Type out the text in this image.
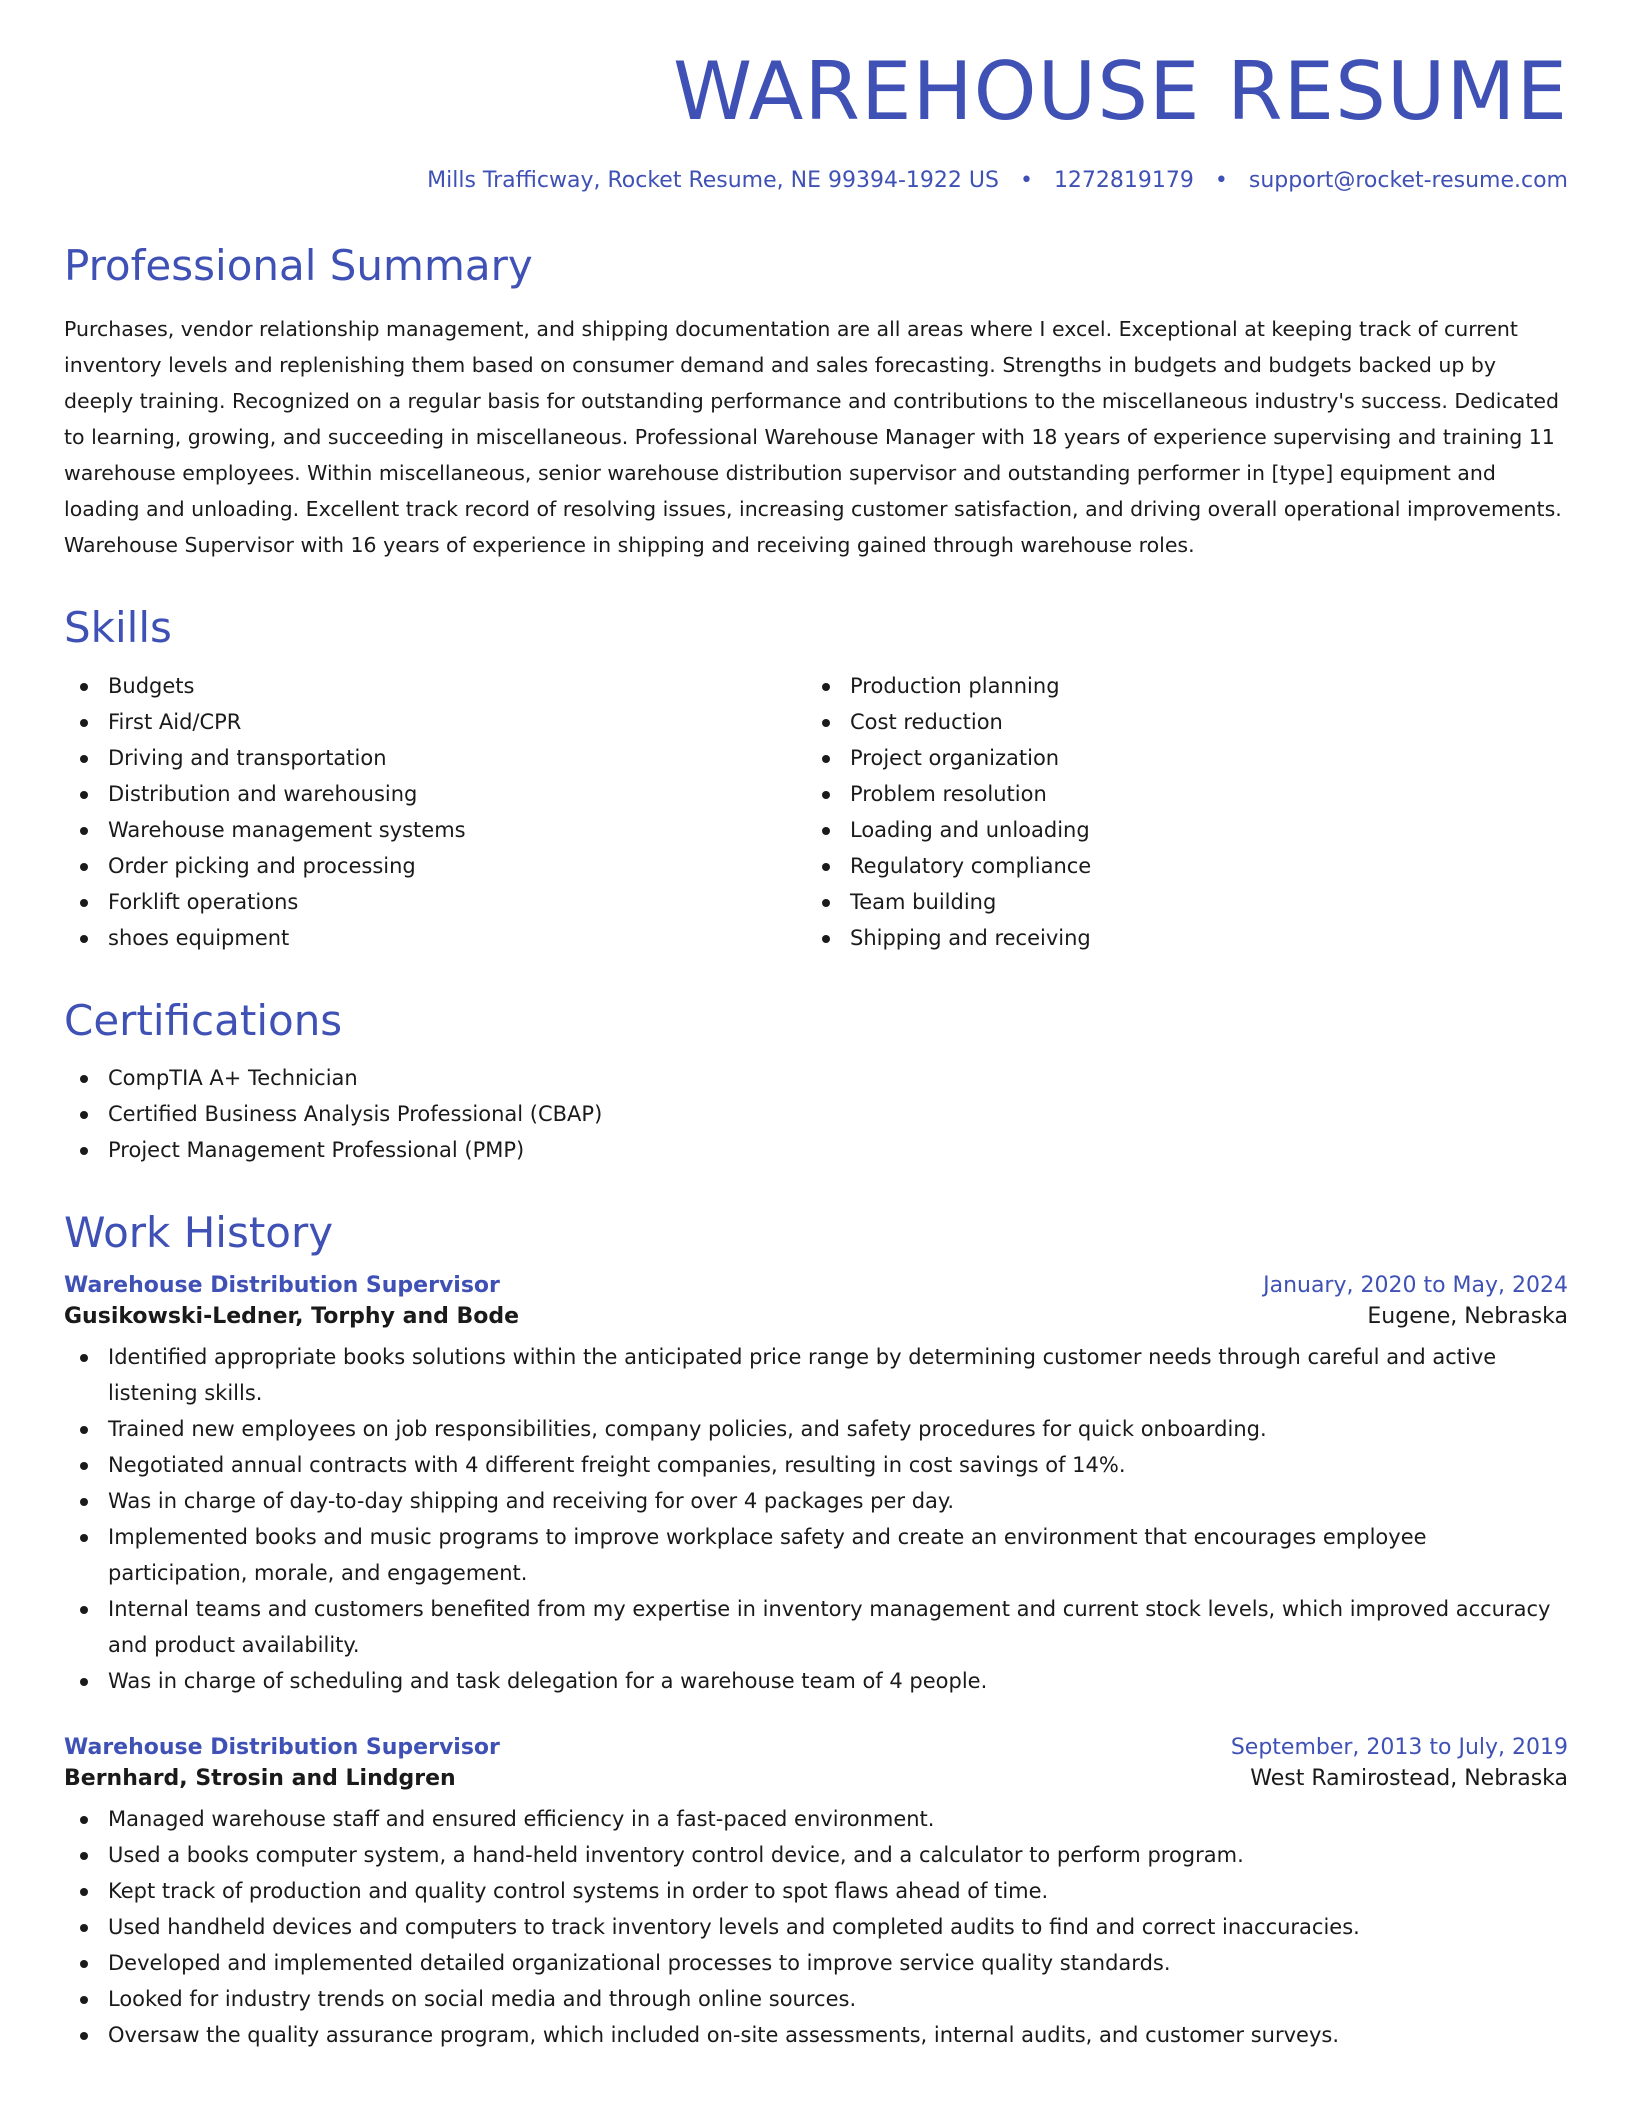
WAREHOUSE RESUME
Mills Trafficway, Rocket Resume, NE 99394-1922 US • 1272819179 • support@rocket-resume.com
Professional Summary

Purchases, vendor relationship management, and shipping documentation are all areas where I excel. Exceptional at keeping track of current inventory levels and replenishing them based on consumer demand and sales forecasting. Strengths in budgets and budgets backed up by deeply training. Recognized on a regular basis for outstanding performance and contributions to the miscellaneous industry's success. Dedicated to learning, growing, and succeeding in miscellaneous. Professional Warehouse Manager with 18 years of experience supervising and training 11 warehouse employees. Within miscellaneous, senior warehouse distribution supervisor and outstanding performer in [type] equipment and loading and unloading. Excellent track record of resolving issues, increasing customer satisfaction, and driving overall operational improvements. Warehouse Supervisor with 16 years of experience in shipping and receiving gained through warehouse roles.

Skills
Budgets
First Aid/CPR
Driving and transportation
Distribution and warehousing
Warehouse management systems
Order picking and processing
Forklift operations
shoes equipment
Production planning
Cost reduction
Project organization
Problem resolution
Loading and unloading
Regulatory compliance
Team building
Shipping and receiving
Certifications
CompTIA A+ Technician
Certified Business Analysis Professional (CBAP)
Project Management Professional (PMP)
Work History
Warehouse Distribution Supervisor	January, 2020 to May, 2024
Gusikowski-Ledner, Torphy and Bode	Eugene, Nebraska
Identified appropriate books solutions within the anticipated price range by determining customer needs through careful and active listening skills.
Trained new employees on job responsibilities, company policies, and safety procedures for quick onboarding.
Negotiated annual contracts with 4 different freight companies, resulting in cost savings of 14%.
Was in charge of day-to-day shipping and receiving for over 4 packages per day.
Implemented books and music programs to improve workplace safety and create an environment that encourages employee participation, morale, and engagement.
Internal teams and customers benefited from my expertise in inventory management and current stock levels, which improved accuracy and product availability.
Was in charge of scheduling and task delegation for a warehouse team of 4 people.
Warehouse Distribution Supervisor	September, 2013 to July, 2019
Bernhard, Strosin and Lindgren	West Ramirostead, Nebraska
Managed warehouse staff and ensured efficiency in a fast-paced environment.
Used a books computer system, a hand-held inventory control device, and a calculator to perform program.
Kept track of production and quality control systems in order to spot flaws ahead of time.
Used handheld devices and computers to track inventory levels and completed audits to find and correct inaccuracies.
Developed and implemented detailed organizational processes to improve service quality standards.
Looked for industry trends on social media and through online sources.
Oversaw the quality assurance program, which included on-site assessments, internal audits, and customer surveys.
